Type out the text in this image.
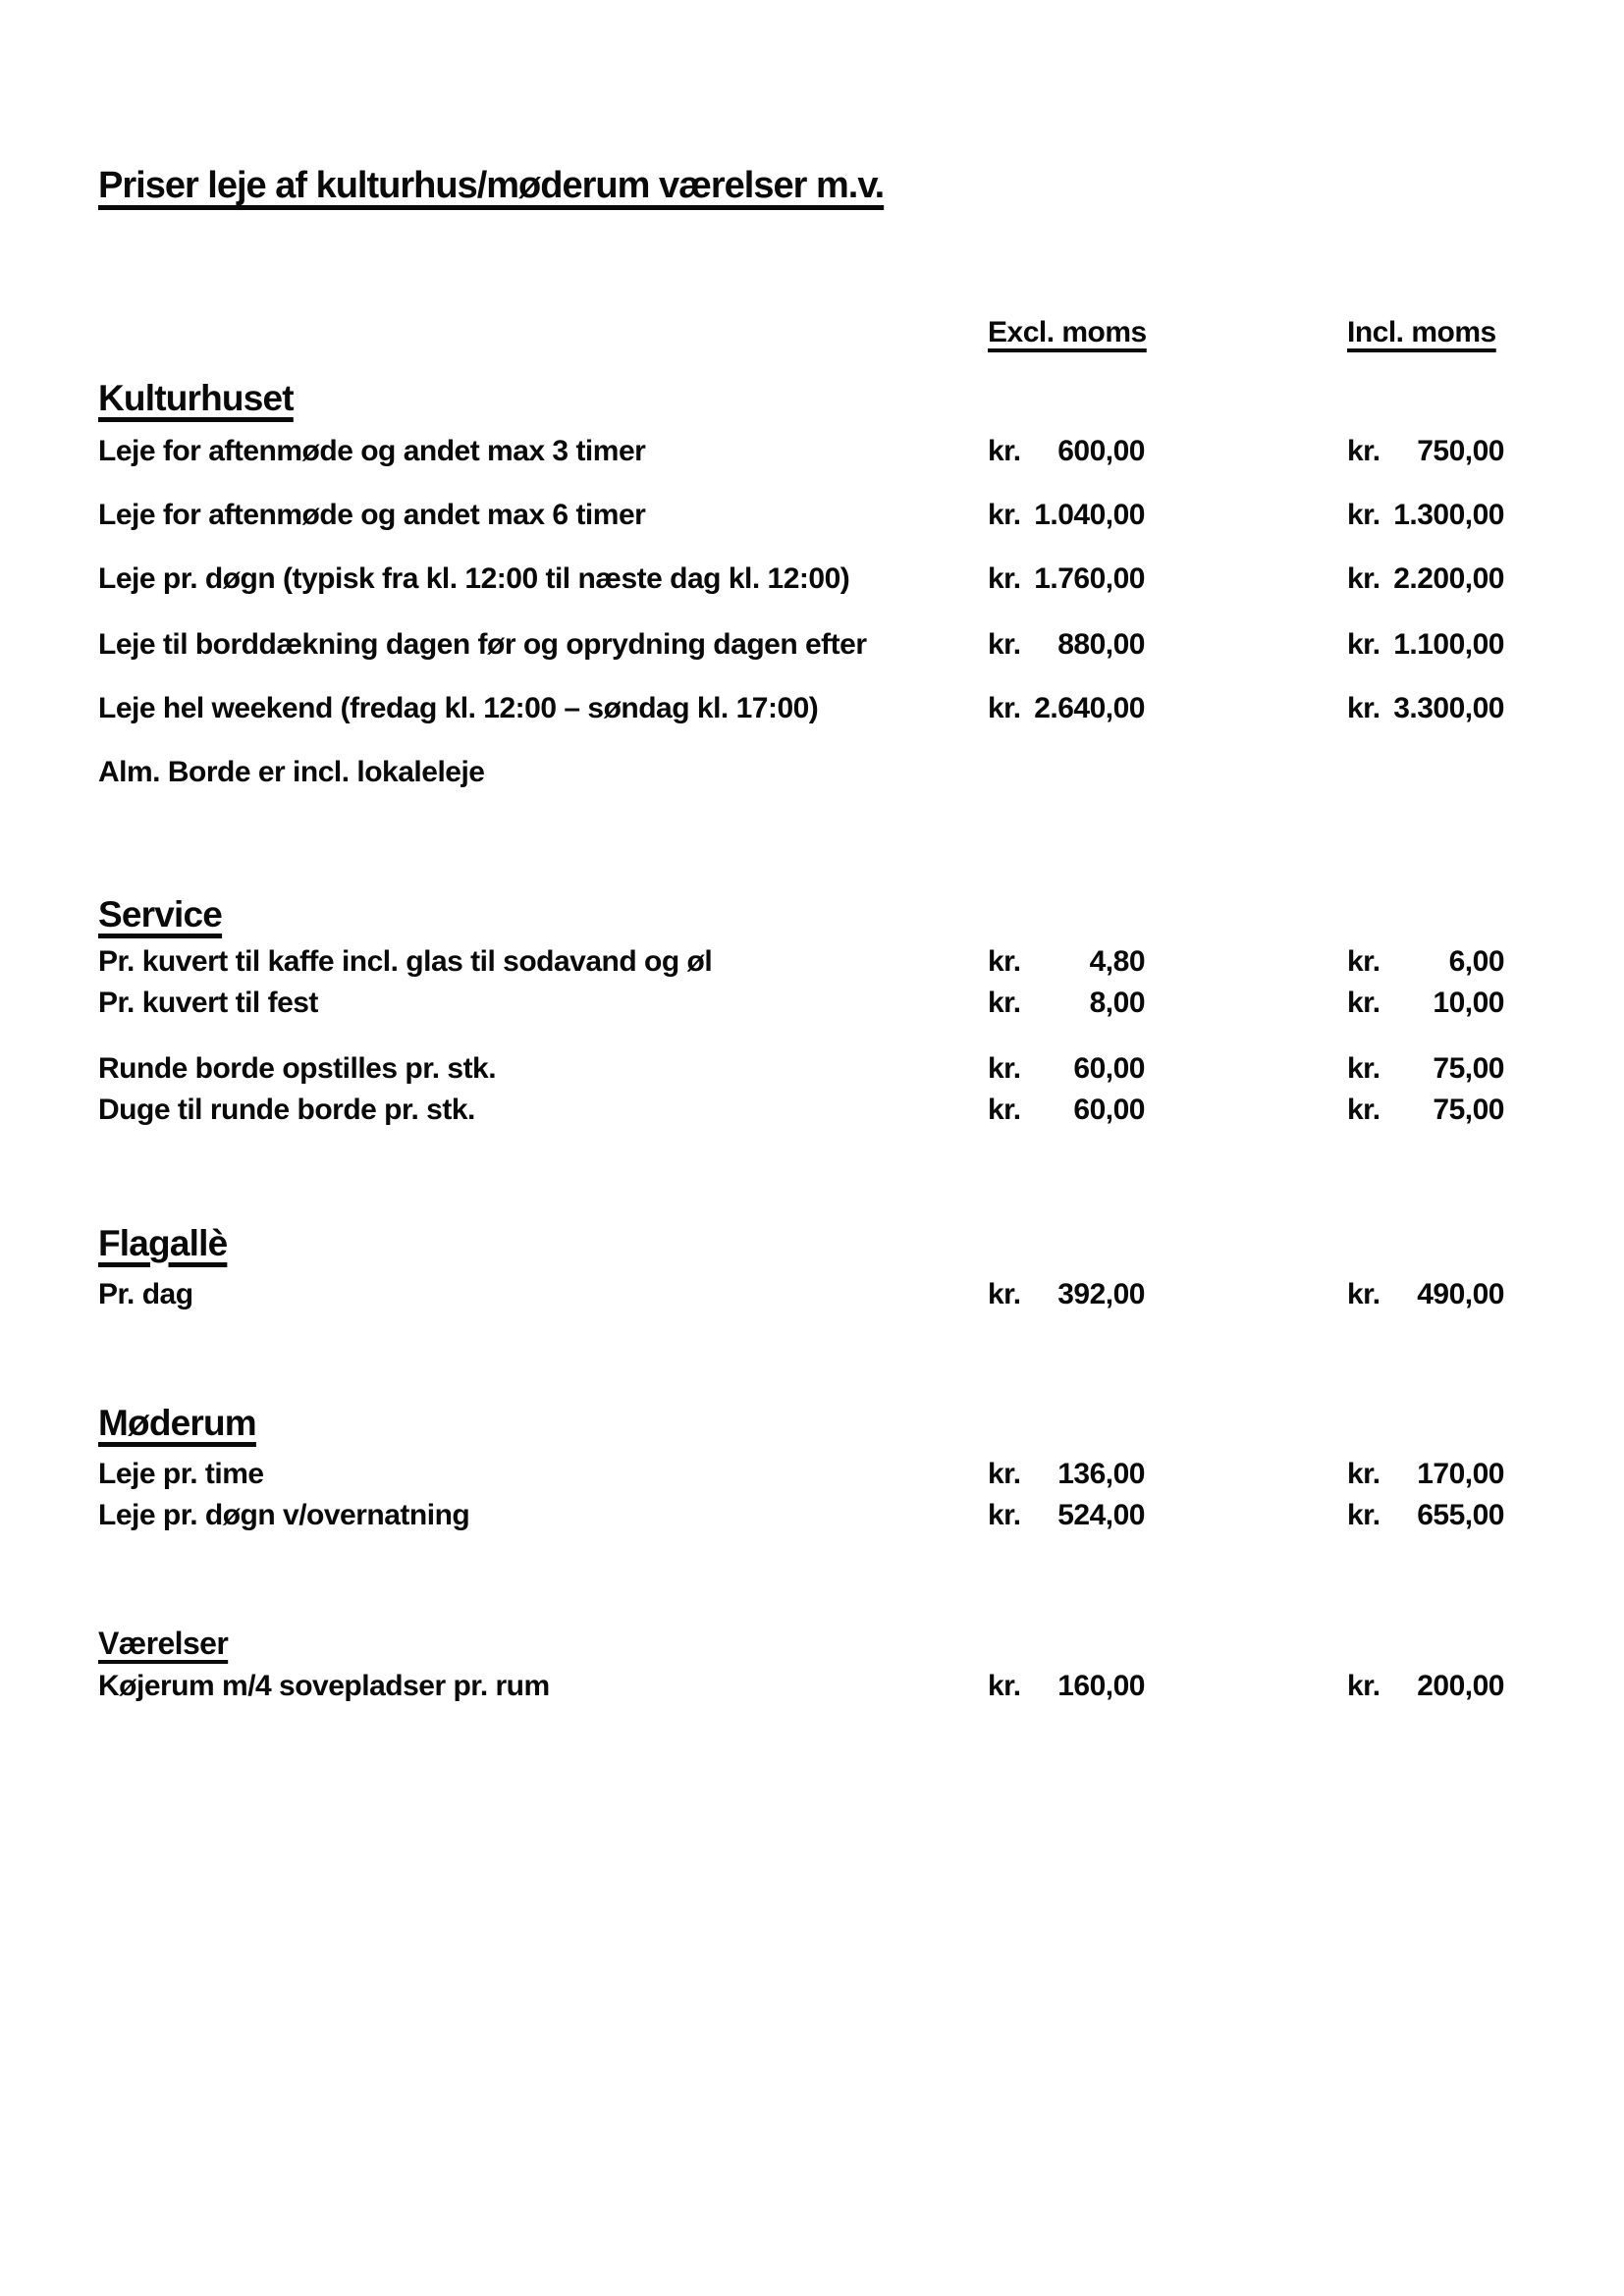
Priser leje af kulturhus/møderum værelser m.v.
Excl. moms	Incl. moms
Kulturhuset
Leje for aftenmøde og andet max 3 timer	kr. 600,00	kr. 750,00
Leje for aftenmøde og andet max 6 timer	kr. 1.040,00	kr. 1.300,00
Leje pr. døgn (typisk fra kl. 12:00 til næste dag kl. 12:00)	kr. 1.760,00	kr. 2.200,00
Leje til borddækning dagen før og oprydning dagen efter	kr. 880,00	kr. 1.100,00
Leje hel weekend (fredag kl. 12:00 – søndag kl. 17:00)	kr. 2.640,00	kr. 3.300,00
Alm. Borde er incl. lokaleleje
Service
Pr. kuvert til kaffe incl. glas til sodavand og øl	kr. 4,80	kr. 6,00
Pr. kuvert til fest	kr. 8,00	kr. 10,00
Runde borde opstilles pr. stk.	kr. 60,00	kr. 75,00
Duge til runde borde pr. stk.	kr. 60,00	kr. 75,00
Flagallè
Pr. dag	kr. 392,00	kr. 490,00
Møderum
Leje pr. time	kr. 136,00	kr. 170,00
Leje pr. døgn v/overnatning	kr. 524,00	kr. 655,00
Værelser
Køjerum m/4 sovepladser pr. rum	kr. 160,00	kr. 200,00
